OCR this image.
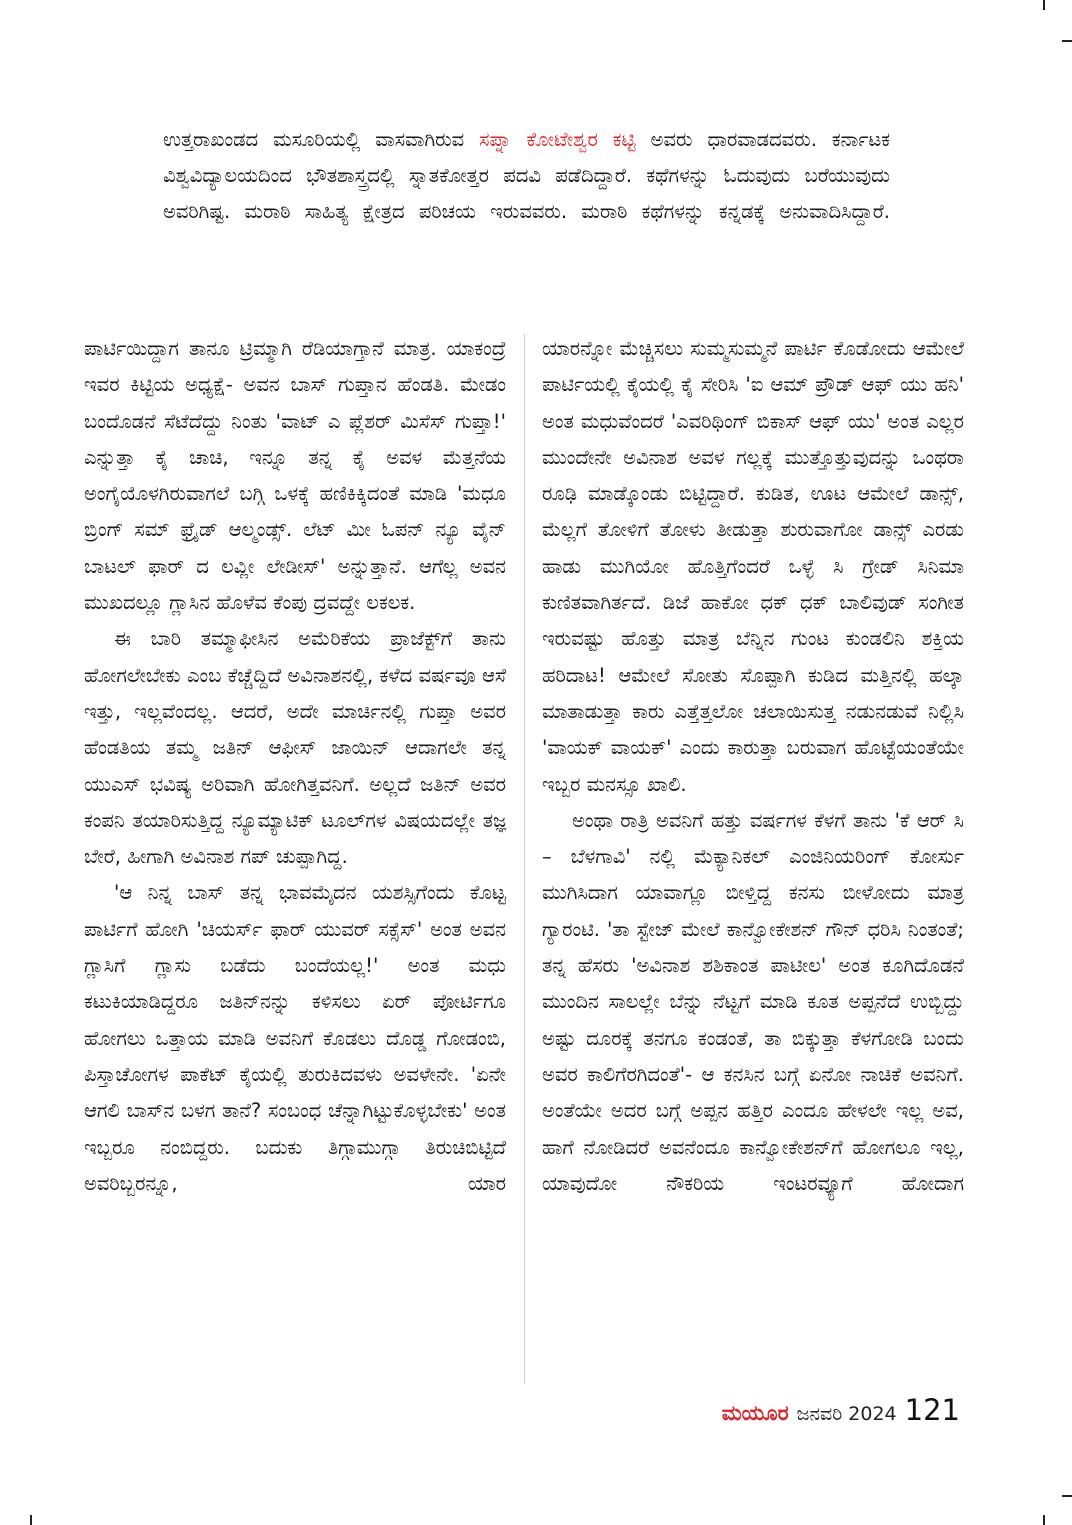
ಉತ್ತರಾಖಂಡದ ಮಸೂರಿಯಲ್ಲಿ ವಾಸವಾಗಿರುವ ಸಪ್ನಾ ಕೋಟೇಶ್ವರ ಕಟ್ಟಿ ಅವರು ಧಾರವಾಡದವರು. ಕರ್ನಾಟಕ ವಿಶ್ವವಿದ್ಯಾಲಯದಿಂದ ಭೌತಶಾಸ್ತ್ರದಲ್ಲಿ ಸ್ನಾತಕೋತ್ತರ ಪದವಿ ಪಡೆದಿದ್ದಾರೆ. ಕಥೆಗಳನ್ನು ಓದುವುದು ಬರೆಯುವುದು ಅವರಿಗಿಷ್ಟ. ಮರಾಠಿ ಸಾಹಿತ್ಯ ಕ್ಷೇತ್ರದ ಪರಿಚಯ ಇರುವವರು. ಮರಾಠಿ ಕಥೆಗಳನ್ನು ಕನ್ನಡಕ್ಕೆ ಅನುವಾದಿಸಿದ್ದಾರೆ.

ಪಾರ್ಟಿಯಿದ್ದಾಗ ತಾನೂ ಟ್ರಿಮ್ಮಾಗಿ ರೆಡಿಯಾಗ್ತಾನೆ ಮಾತ್ರ. ಯಾಕಂದ್ರೆ ಇವರ ಕಿಟ್ಟಿಯ ಅಧ್ಯಕ್ಷೆ- ಅವನ ಬಾಸ್ ಗುಪ್ತಾನ ಹೆಂಡತಿ. ಮೇಡಂ ಬಂದೊಡನೆ ಸೆಟೆದೆದ್ದು ನಿಂತು 'ವಾಟ್ ಎ ಪ್ಲೆಶರ್ ಮಿಸೆಸ್ ಗುಪ್ತಾ!' ಎನ್ನುತ್ತಾ ಕೈ ಚಾಚಿ, ಇನ್ನೂ ತನ್ನ ಕೈ ಅವಳ ಮೆತ್ತನೆಯ ಅಂಗೈಯೊಳಗಿರುವಾಗಲೆ ಬಗ್ಗಿ ಒಳಕ್ಕೆ ಹಣಿಕಿಕ್ಕಿದಂತೆ ಮಾಡಿ 'ಮಧೂ ಬ್ರಿಂಗ್ ಸಮ್ ಫ್ರೈಡ್ ಆಲ್ಮಂಡ್ಸ್. ಲೆಟ್ ಮೀ ಓಪನ್ ನ್ಯೂ ವೈನ್ ಬಾಟಲ್ ಫಾರ್ ದ ಲವ್ಲೀ ಲೇಡೀಸ್' ಅನ್ನುತ್ತಾನೆ. ಆಗೆಲ್ಲ ಅವನ ಮುಖದಲ್ಲೂ ಗ್ಲಾಸಿನ ಹೊಳೆವ ಕೆಂಪು ದ್ರವದ್ದೇ ಲಕಲಕ.

ಈ ಬಾರಿ ತಮ್ಮಾಫೀಸಿನ ಅಮೆರಿಕೆಯ ಪ್ರಾಜೆಕ್ಟ್‌ಗೆ ತಾನು ಹೋಗಲೇಬೇಕು ಎಂಬ ಕೆಚ್ಚೆದ್ದಿದೆ ಅವಿನಾಶನಲ್ಲಿ, ಕಳೆದ ವರ್ಷವೂ ಆಸೆ ಇತ್ತು, ಇಲ್ಲವೆಂದಲ್ಲ. ಆದರೆ, ಅದೇ ಮಾರ್ಚಿನಲ್ಲಿ ಗುಪ್ತಾ ಅವರ ಹೆಂಡತಿಯ ತಮ್ಮ ಜತಿನ್ ಆಫೀಸ್ ಜಾಯಿನ್ ಆದಾಗಲೇ ತನ್ನ ಯುಎಸ್ ಭವಿಷ್ಯ ಅರಿವಾಗಿ ಹೋಗಿತ್ತವನಿಗೆ. ಅಲ್ಲದೆ ಜತಿನ್ ಅವರ ಕಂಪನಿ ತಯಾರಿಸುತ್ತಿದ್ದ ನ್ಯೂಮ್ಯಾಟಿಕ್ ಟೂಲ್‌ಗಳ ವಿಷಯದಲ್ಲೇ ತಜ್ಞ ಬೇರೆ, ಹೀಗಾಗಿ ಅವಿನಾಶ ಗಪ್ ಚುಪ್ಪಾಗಿದ್ದ.

'ಆ ನಿನ್ನ ಬಾಸ್ ತನ್ನ ಭಾವಮೈದನ ಯಶಸ್ಸಿಗೆಂದು ಕೊಟ್ಟ ಪಾರ್ಟಿಗೆ ಹೋಗಿ 'ಚಿಯರ್ಸ್ ಫಾರ್ ಯುವರ್ ಸಕ್ಸೆಸ್' ಅಂತ ಅವನ ಗ್ಲಾಸಿಗೆ ಗ್ಲಾಸು ಬಡೆದು ಬಂದೆಯಲ್ಲ!' ಅಂತ ಮಧು ಕಟುಕಿಯಾಡಿದ್ದರೂ ಜತಿನ್‌ನನ್ನು ಕಳಿಸಲು ಏರ್ ಪೋರ್ಟಿಗೂ ಹೋಗಲು ಒತ್ತಾಯ ಮಾಡಿ ಅವನಿಗೆ ಕೊಡಲು ದೊಡ್ಡ ಗೋಡಂಬಿ, ಪಿಸ್ತಾಚೋಗಳ ಪಾಕೆಟ್ ಕೈಯಲ್ಲಿ ತುರುಕಿದವಳು ಅವಳೇನೇ. 'ಏನೇ ಆಗಲಿ ಬಾಸ್‌ನ ಬಳಗ ತಾನೆ? ಸಂಬಂಧ ಚೆನ್ನಾಗಿಟ್ಟುಕೊಳ್ಳಬೇಕು' ಅಂತ ಇಬ್ಬರೂ ನಂಬಿದ್ದರು. ಬದುಕು ತಿಗ್ಗಾಮುಗ್ಗಾ ತಿರುಚಿಬಿಟ್ಟಿದೆ ಅವರಿಬ್ಬರನ್ನೂ, ಯಾರ

ಯಾರನ್ನೋ ಮೆಚ್ಚಿಸಲು ಸುಮ್ಮಸುಮ್ಮನೆ ಪಾರ್ಟಿ ಕೊಡೋದು ಆಮೇಲೆ ಪಾರ್ಟಿಯಲ್ಲಿ ಕೈಯಲ್ಲಿ ಕೈ ಸೇರಿಸಿ 'ಐ ಆಮ್ ಪ್ರೌಡ್ ಆಫ್ ಯು ಹನಿ' ಅಂತ ಮಧುವೆಂದರೆ 'ಎವರಿಥಿಂಗ್ ಬಿಕಾಸ್ ಆಫ್ ಯು' ಅಂತ ಎಲ್ಲರ ಮುಂದೇನೇ ಅವಿನಾಶ ಅವಳ ಗಲ್ಲಕ್ಕೆ ಮುತ್ತೊತ್ತುವುದನ್ನು ಒಂಥರಾ ರೂಢಿ ಮಾಡ್ಕೊಂಡು ಬಿಟ್ಟಿದ್ದಾರೆ. ಕುಡಿತ, ಊಟ ಆಮೇಲೆ ಡಾನ್ಸ್, ಮೆಲ್ಲಗೆ ತೋಳಿಗೆ ತೋಳು ತೀಡುತ್ತಾ ಶುರುವಾಗೋ ಡಾನ್ಸ್ ಎರಡು ಹಾಡು ಮುಗಿಯೋ ಹೊತ್ತಿಗೆಂದರೆ ಒಳ್ಳೆ ಸಿ ಗ್ರೇಡ್ ಸಿನಿಮಾ ಕುಣಿತವಾಗಿರ್ತದೆ. ಡಿಜೆ ಹಾಕೋ ಧಕ್ ಧಕ್ ಬಾಲಿವುಡ್ ಸಂಗೀತ ಇರುವಷ್ಟು ಹೊತ್ತು ಮಾತ್ರ ಬೆನ್ನಿನ ಗುಂಟ ಕುಂಡಲಿನಿ ಶಕ್ತಿಯ ಹರಿದಾಟ! ಆಮೇಲೆ ಸೋತು ಸೊಪ್ಪಾಗಿ ಕುಡಿದ ಮತ್ತಿನಲ್ಲಿ ಹಲ್ಕಾ ಮಾತಾಡುತ್ತಾ ಕಾರು ಎತ್ತೆತ್ತಲೋ ಚಲಾಯಿಸುತ್ತ ನಡುನಡುವೆ ನಿಲ್ಲಿಸಿ 'ವಾಯಕ್ ವಾಯಕ್' ಎಂದು ಕಾರುತ್ತಾ ಬರುವಾಗ ಹೊಟ್ಟೆಯಂತೆಯೇ ಇಬ್ಬರ ಮನಸ್ಸೂ ಖಾಲಿ.

ಅಂಥಾ ರಾತ್ರಿ ಅವನಿಗೆ ಹತ್ತು ವರ್ಷಗಳ ಕೆಳಗೆ ತಾನು 'ಕೆ ಆರ್ ಸಿ – ಬೆಳಗಾವಿ' ನಲ್ಲಿ ಮೆಕ್ಯಾನಿಕಲ್ ಎಂಜಿನಿಯರಿಂಗ್ ಕೋರ್ಸು ಮುಗಿಸಿದಾಗ ಯಾವಾಗ್ಲೂ ಬೀಳ್ತಿದ್ದ ಕನಸು ಬೀಳೋದು ಮಾತ್ರ ಗ್ಯಾರಂಟಿ. 'ತಾ ಸ್ಟೇಜ್ ಮೇಲೆ ಕಾನ್ವೋಕೇಶನ್ ಗೌನ್ ಧರಿಸಿ ನಿಂತಂತೆ; ತನ್ನ ಹೆಸರು 'ಅವಿನಾಶ ಶಶಿಕಾಂತ ಪಾಟೀಲ' ಅಂತ ಕೂಗಿದೊಡನೆ ಮುಂದಿನ ಸಾಲಲ್ಲೇ ಬೆನ್ನು ನೆಟ್ಟಗೆ ಮಾಡಿ ಕೂತ ಅಪ್ಪನೆದೆ ಉಬ್ಬಿದ್ದು ಅಷ್ಟು ದೂರಕ್ಕೆ ತನಗೂ ಕಂಡಂತೆ, ತಾ ಬಿಕ್ಕುತ್ತಾ ಕೆಳಗೋಡಿ ಬಂದು ಅವರ ಕಾಲಿಗೆರಗಿದಂತೆ'- ಆ ಕನಸಿನ ಬಗ್ಗೆ ಏನೋ ನಾಚಿಕೆ ಅವನಿಗೆ. ಅಂತೆಯೇ ಅದರ ಬಗ್ಗೆ ಅಪ್ಪನ ಹತ್ತಿರ ಎಂದೂ ಹೇಳಲೇ ಇಲ್ಲ ಅವ, ಹಾಗೆ ನೋಡಿದರೆ ಅವನೆಂದೂ ಕಾನ್ವೋಕೇಶನ್‌ಗೆ ಹೋಗಲೂ ಇಲ್ಲ, ಯಾವುದೋ ನೌಕರಿಯ ಇಂಟರವ್ಯೂಗೆ ಹೋದಾಗ

ಮಯೂರ ಜನವರಿ 2024 121
